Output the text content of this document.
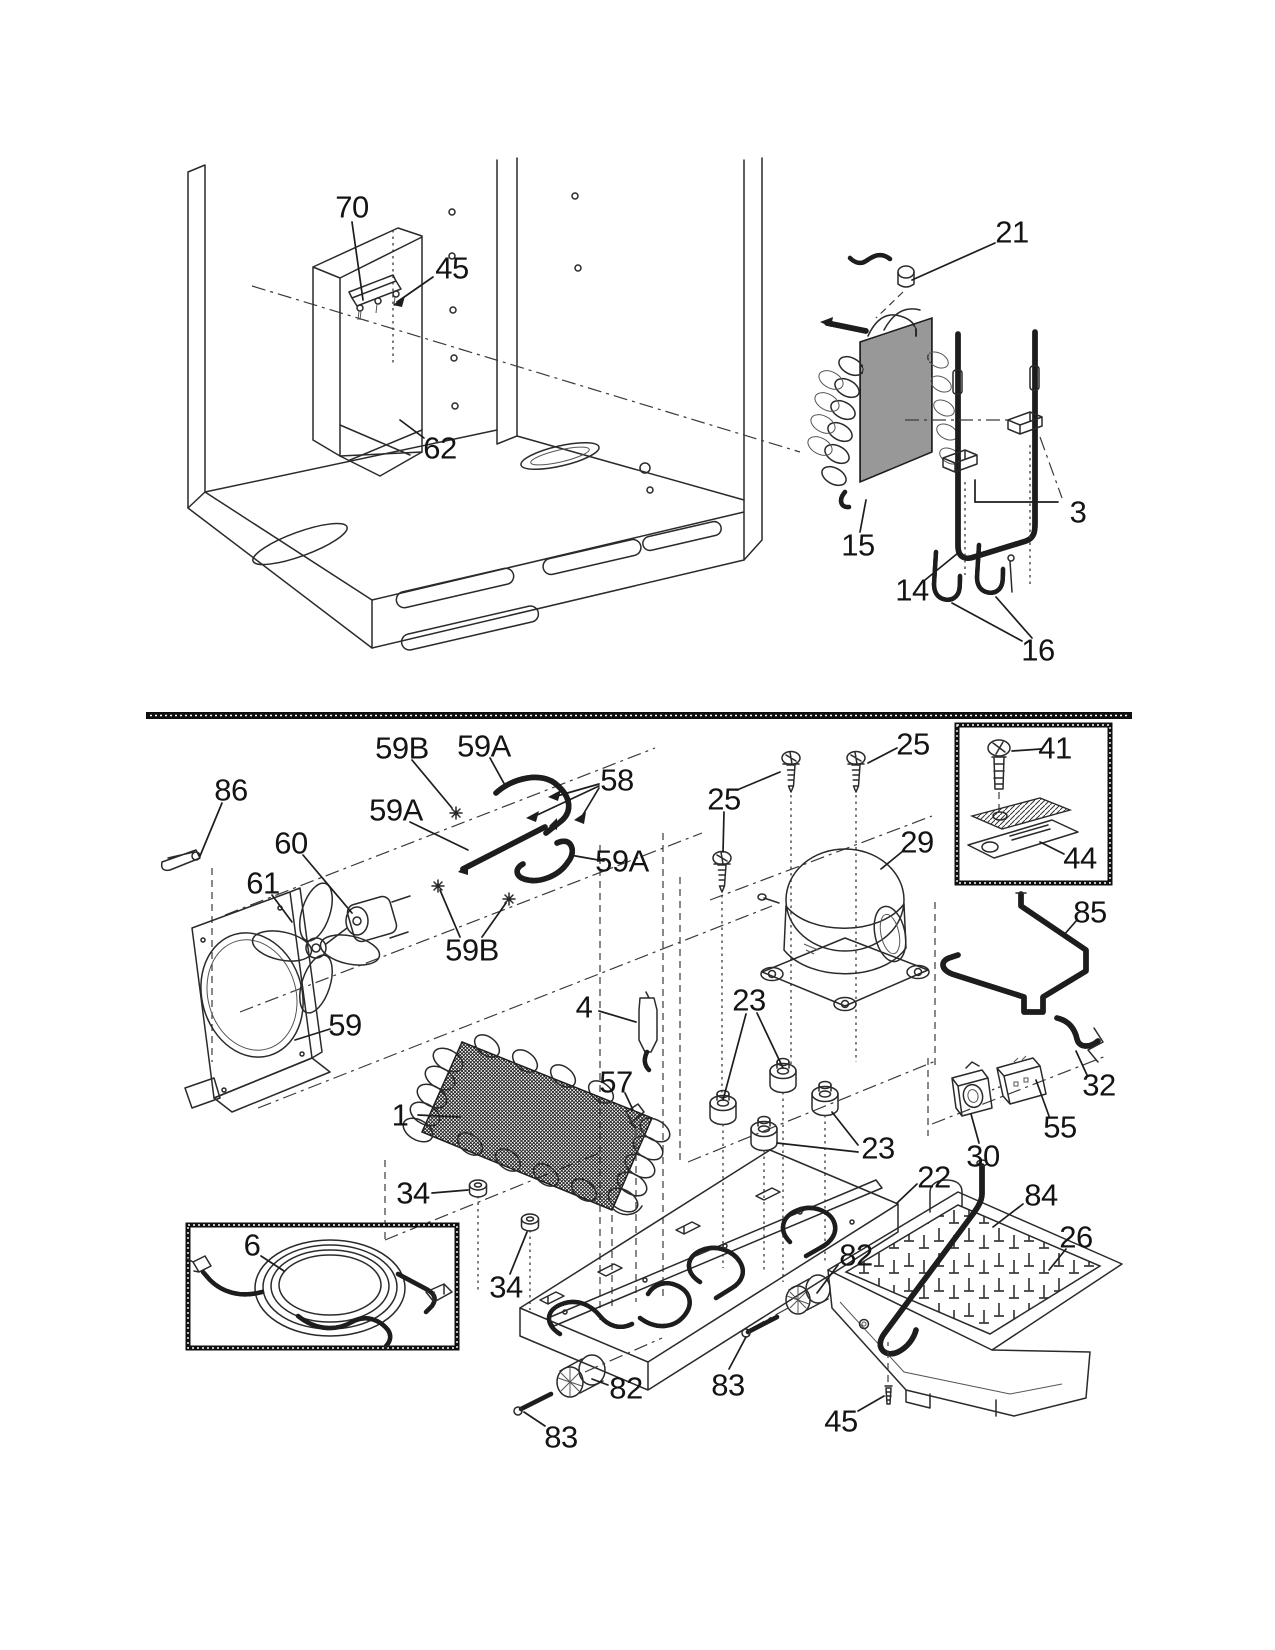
70
45
62
21
15
14
3
16
86
59B 59A
59A
58
59A
59B
60
61
59
25
25
29
41
44
85
4	23
57
1
32
55
30
23
22
84
26
34
34
6	82
83
82
83	45
